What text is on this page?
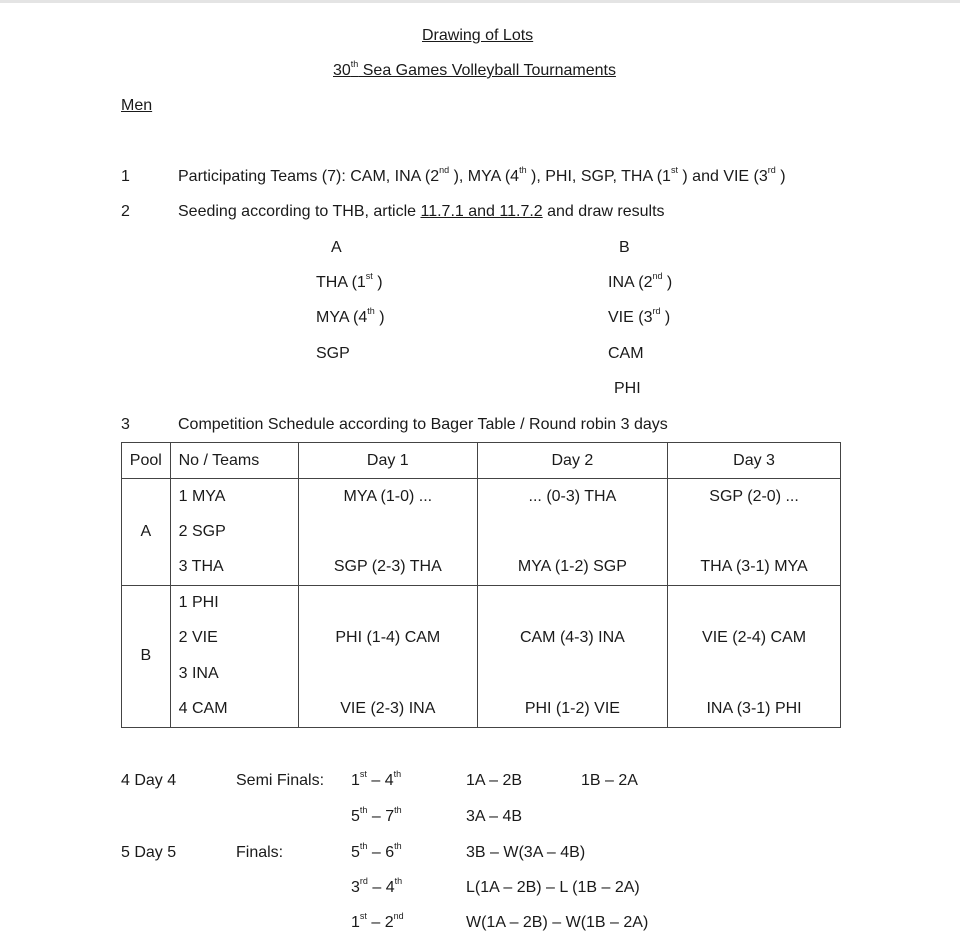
Drawing of Lots
30th Sea Games Volleyball Tournaments
Men
1	Participating Teams (7): CAM, INA (2nd ), MYA (4th ), PHI, SGP, THA (1st ) and VIE (3rd )
2	Seeding according to THB, article 11.7.1 and 11.7.2 and draw results
A
THA (1st )
MYA (4th )
SGP
B
INA (2nd )
VIE (3rd )
CAM
PHI
3	Competition Schedule according to Bager Table / Round robin 3 days
Pool	No / Teams	Day 1	Day 2	Day 3
A	1 MYA	MYA (1-0) ...	... (0-3) THA	SGP (2-0) ...
	2 SGP			
	3 THA	SGP (2-3) THA	MYA (1-2) SGP	THA (3-1) MYA
B	1 PHI			
	2 VIE	PHI (1-4) CAM	CAM (4-3) INA	VIE (2-4) CAM
	3 INA			
	4 CAM	VIE (2-3) INA	PHI (1-2) VIE	INA (3-1) PHI
4 Day 4	Semi Finals: 1st – 4th	1A – 2B	1B – 2A
5th – 7th	3A – 4B
5 Day 5	Finals:	5th – 6th	3B – W(3A – 4B)
3rd – 4th	L(1A – 2B) – L (1B – 2A)
1st – 2nd	W(1A – 2B) – W(1B – 2A)
